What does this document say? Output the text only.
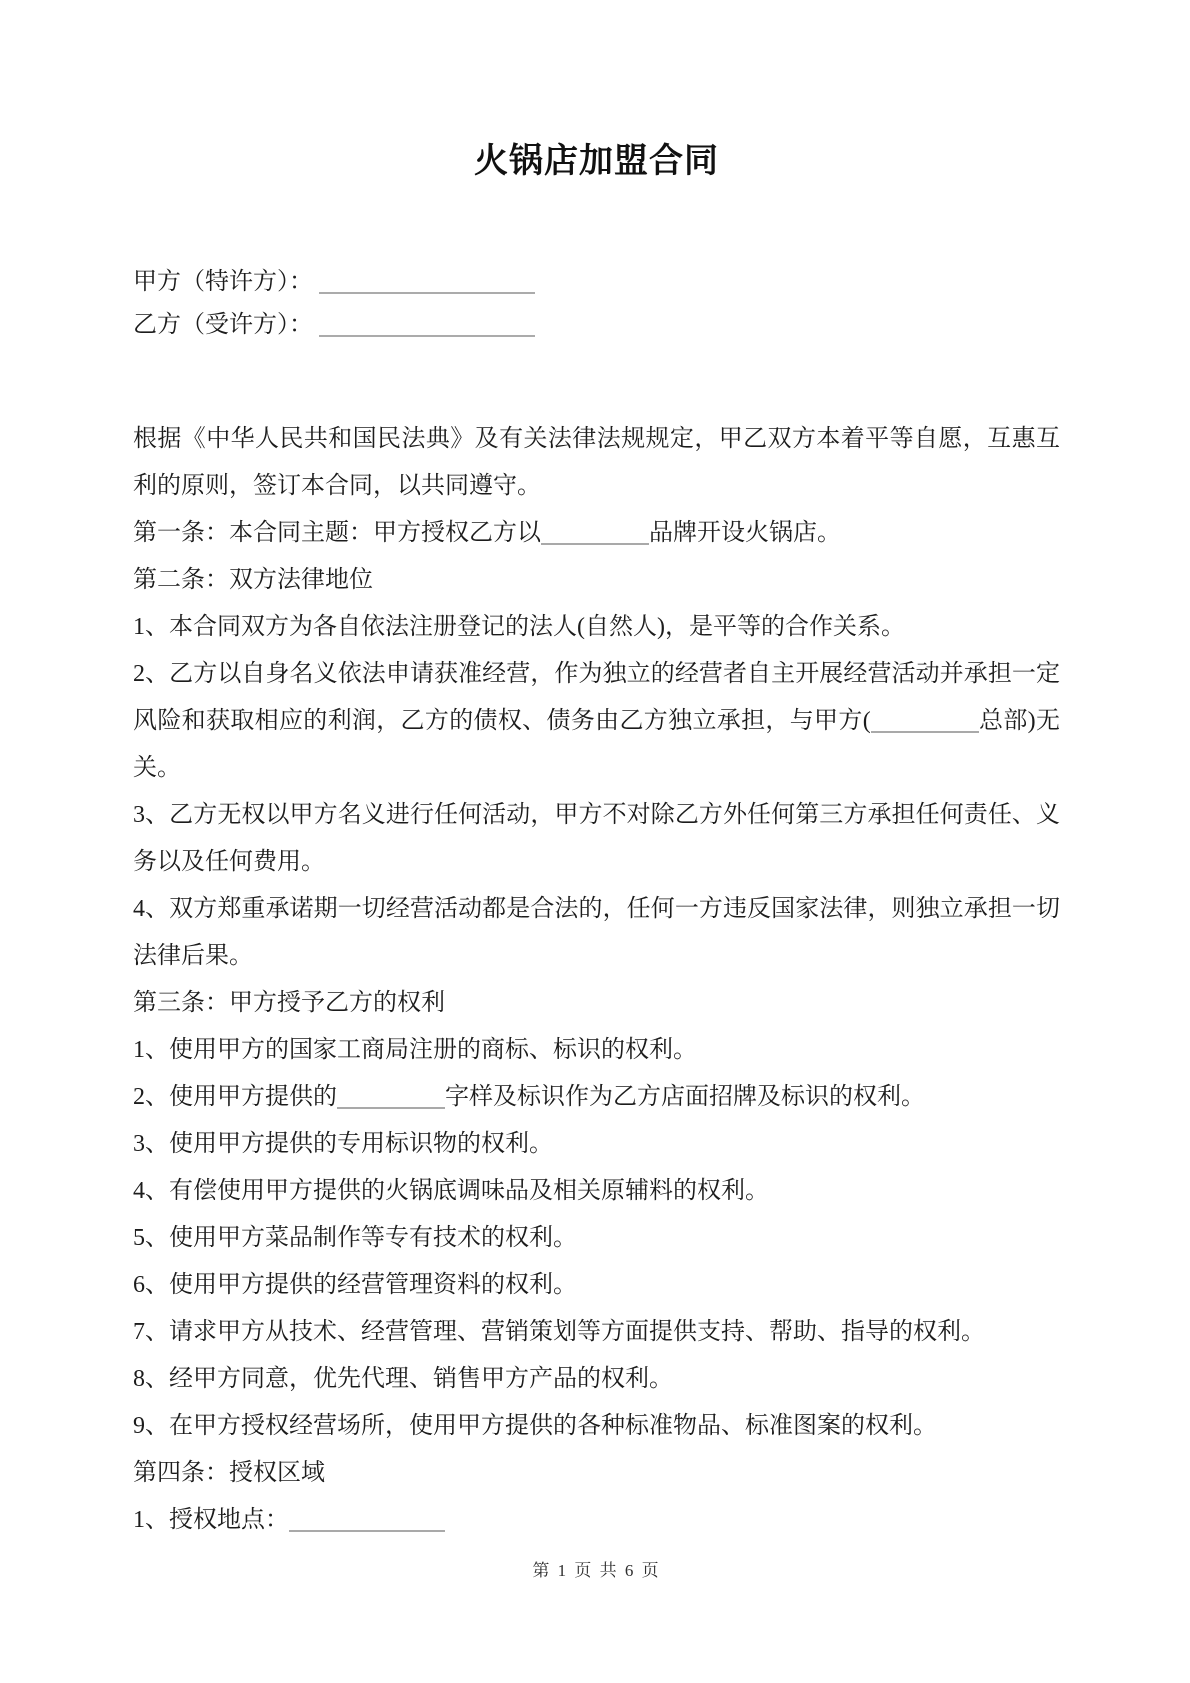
火锅店加盟合同
甲方（特许方）：
乙方（受许方）：
根据《中华人民共和国民法典》及有关法律法规规定，甲乙双方本着平等自愿，互惠互利的原则，签订本合同，以共同遵守。
第一条：本合同主题：甲方授权乙方以	品牌开设火锅店。
第二条：双方法律地位
1、本合同双方为各自依法注册登记的法人(自然人)，是平等的合作关系。
2、乙方以自身名义依法申请获准经营，作为独立的经营者自主开展经营活动并承担一定风险和获取相应的利润，乙方的债权、债务由乙方独立承担，与甲方(	总部)无关。
3、乙方无权以甲方名义进行任何活动，甲方不对除乙方外任何第三方承担任何责任、义务以及任何费用。
4、双方郑重承诺期一切经营活动都是合法的，任何一方违反国家法律，则独立承担一切法律后果。
第三条：甲方授予乙方的权利
1、使用甲方的国家工商局注册的商标、标识的权利。
2、使用甲方提供的	字样及标识作为乙方店面招牌及标识的权利。
3、使用甲方提供的专用标识物的权利。
4、有偿使用甲方提供的火锅底调味品及相关原辅料的权利。
5、使用甲方菜品制作等专有技术的权利。
6、使用甲方提供的经营管理资料的权利。
7、请求甲方从技术、经营管理、营销策划等方面提供支持、帮助、指导的权利。
8、经甲方同意，优先代理、销售甲方产品的权利。
9、在甲方授权经营场所，使用甲方提供的各种标准物品、标准图案的权利。
第四条：授权区域
1、授权地点：
第 1 页 共 6 页
